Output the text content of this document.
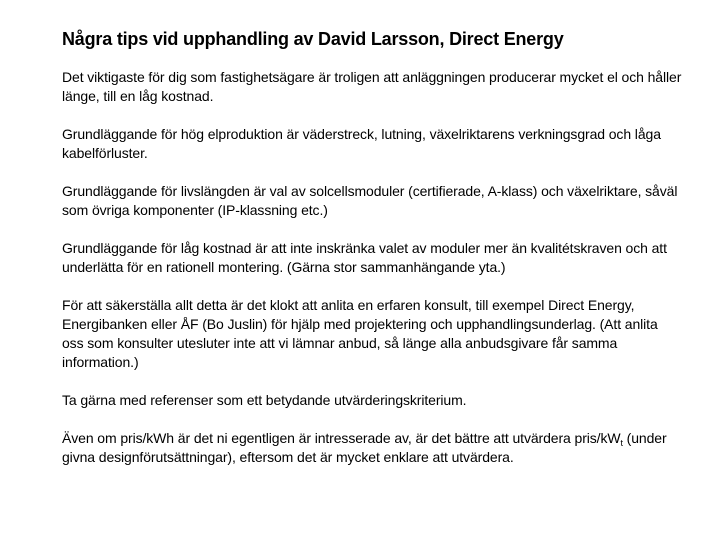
Några tips vid upphandling av David Larsson, Direct Energy

Det viktigaste för dig som fastighetsägare är troligen att anläggningen producerar mycket el och håller länge, till en låg kostnad.

Grundläggande för hög elproduktion är väderstreck, lutning, växelriktarens verkningsgrad och låga kabelförluster.

Grundläggande för livslängden är val av solcellsmoduler (certifierade, A-klass) och växelriktare, såväl som övriga komponenter (IP-klassning etc.)

Grundläggande för låg kostnad är att inte inskränka valet av moduler mer än kvalitétskraven och att underlätta för en rationell montering. (Gärna stor sammanhängande yta.)

För att säkerställa allt detta är det klokt att anlita en erfaren konsult, till exempel Direct Energy, Energibanken eller ÅF (Bo Juslin) för hjälp med projektering och upphandlingsunderlag. (Att anlita oss som konsulter utesluter inte att vi lämnar anbud, så länge alla anbudsgivare får samma information.)

Ta gärna med referenser som ett betydande utvärderingskriterium.

Även om pris/kWh är det ni egentligen är intresserade av, är det bättre att utvärdera pris/$kW_t$ (under givna designförutsättningar), eftersom det är mycket enklare att utvärdera.
